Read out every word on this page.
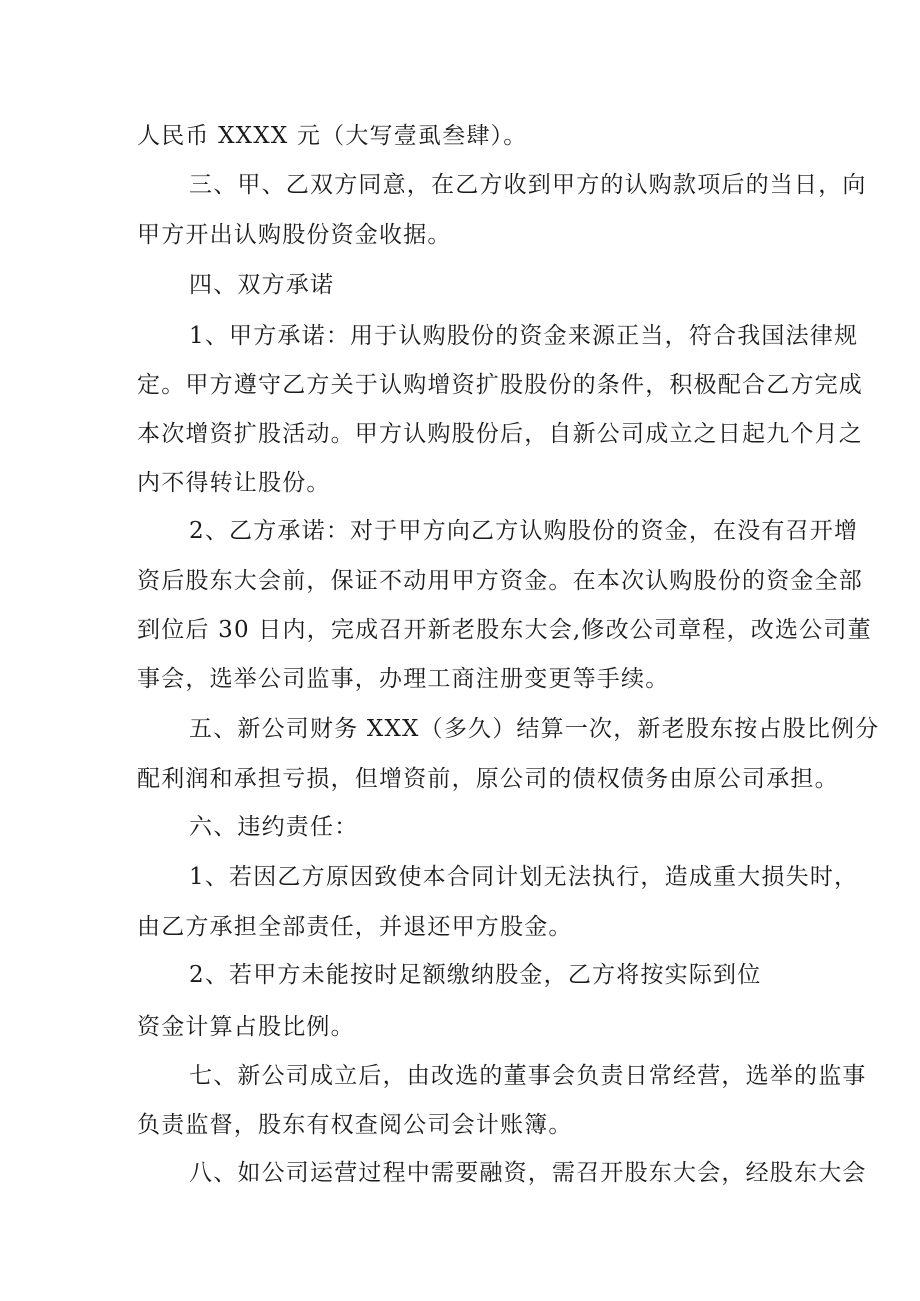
人民币 XXXX 元（大写壹虱叁肆）。
三、甲、乙双方同意，在乙方收到甲方的认购款项后的当日，向
甲方开出认购股份资金收据。
四、双方承诺
1、甲方承诺：用于认购股份的资金来源正当，符合我国法律规
定。甲方遵守乙方关于认购增资扩股股份的条件，积极配合乙方完成
本次增资扩股活动。甲方认购股份后，自新公司成立之日起九个月之
内不得转让股份。
2、乙方承诺：对于甲方向乙方认购股份的资金，在没有召开增
资后股东大会前，保证不动用甲方资金。在本次认购股份的资金全部
到位后 30 日内，完成召开新老股东大会,修改公司章程，改选公司董
事会，选举公司监事，办理工商注册变更等手续。
五、新公司财务 XXX（多久）结算一次，新老股东按占股比例分
配利润和承担亏损，但增资前，原公司的债权债务由原公司承担。
六、违约责任：
1、若因乙方原因致使本合同计划无法执行，造成重大损失时，
由乙方承担全部责任，并退还甲方股金。
2、若甲方未能按时足额缴纳股金，乙方将按实际到位
资金计算占股比例。
七、新公司成立后，由改选的董事会负责日常经营，选举的监事
负责监督，股东有权查阅公司会计账簿。
八、如公司运营过程中需要融资，需召开股东大会，经股东大会
